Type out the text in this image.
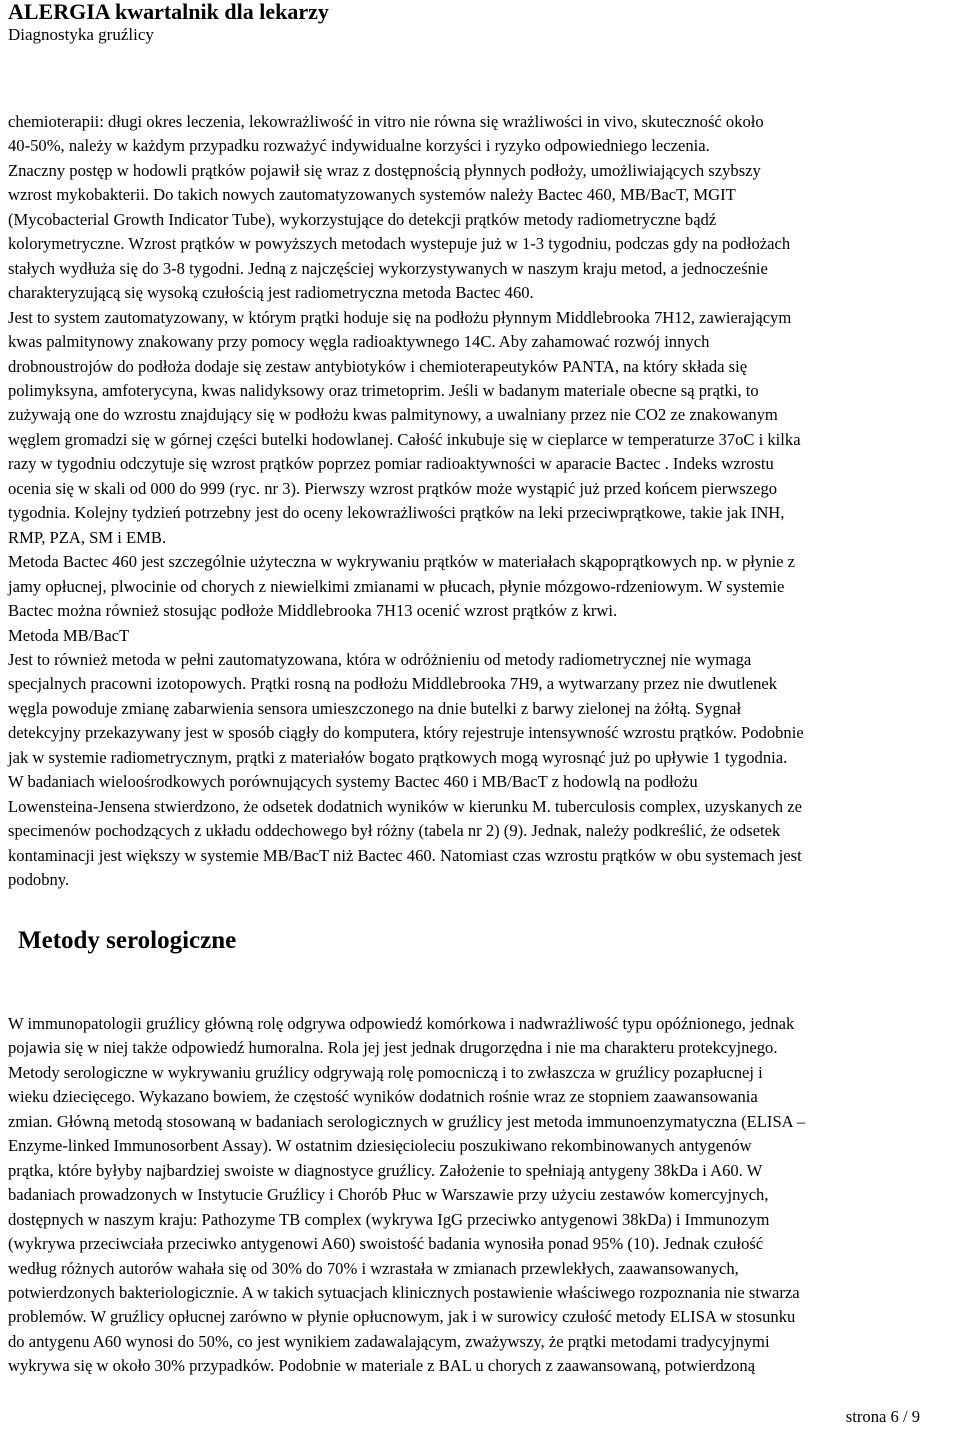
ALERGIA kwartalnik dla lekarzy

Diagnostyka gruźlicy

chemioterapii: długi okres leczenia, lekowrażliwość in vitro nie równa się wrażliwości in vivo, skuteczność około
40-50%, należy w każdym przypadku rozważyć indywidualne korzyści i ryzyko odpowiedniego leczenia.
Znaczny postęp w hodowli prątków pojawił się wraz z dostępnością płynnych podłoży, umożliwiających szybszy
wzrost mykobakterii. Do takich nowych zautomatyzowanych systemów należy Bactec 460, MB/BacT, MGIT
(Mycobacterial Growth Indicator Tube), wykorzystujące do detekcji prątków metody radiometryczne bądź
kolorymetryczne. Wzrost prątków w powyższych metodach wystepuje już w 1-3 tygodniu, podczas gdy na podłożach
stałych wydłuża się do 3-8 tygodni. Jedną z najczęściej wykorzystywanych w naszym kraju metod, a jednocześnie
charakteryzującą się wysoką czułością jest radiometryczna metoda Bactec 460.
Jest to system zautomatyzowany, w którym prątki hoduje się na podłożu płynnym Middlebrooka 7H12, zawierającym
kwas palmitynowy znakowany przy pomocy węgla radioaktywnego 14C. Aby zahamować rozwój innych
drobnoustrojów do podłoża dodaje się zestaw antybiotyków i chemioterapeutyków PANTA, na który składa się
polimyksyna, amfoterycyna, kwas nalidyksowy oraz trimetoprim. Jeśli w badanym materiale obecne są prątki, to
zużywają one do wzrostu znajdujący się w podłożu kwas palmitynowy, a uwalniany przez nie CO2 ze znakowanym
węglem gromadzi się w górnej części butelki hodowlanej. Całość inkubuje się w cieplarce w temperaturze 37oC i kilka
razy w tygodniu odczytuje się wzrost prątków poprzez pomiar radioaktywności w aparacie Bactec . Indeks wzrostu
ocenia się w skali od 000 do 999 (ryc. nr 3). Pierwszy wzrost prątków może wystąpić już przed końcem pierwszego
tygodnia. Kolejny tydzień potrzebny jest do oceny lekowrażliwości prątków na leki przeciwprątkowe, takie jak INH,
RMP, PZA, SM i EMB.
Metoda Bactec 460 jest szczególnie użyteczna w wykrywaniu prątków w materiałach skąpoprątkowych np. w płynie z
jamy opłucnej, plwocinie od chorych z niewielkimi zmianami w płucach, płynie mózgowo-rdzeniowym. W systemie
Bactec można również stosując podłoże Middlebrooka 7H13 ocenić wzrost prątków z krwi.
Metoda MB/BacT
Jest to również metoda w pełni zautomatyzowana, która w odróżnieniu od metody radiometrycznej nie wymaga
specjalnych pracowni izotopowych. Prątki rosną na podłożu Middlebrooka 7H9, a wytwarzany przez nie dwutlenek
węgla powoduje zmianę zabarwienia sensora umieszczonego na dnie butelki z barwy zielonej na żółtą. Sygnał
detekcyjny przekazywany jest w sposób ciągły do komputera, który rejestruje intensywność wzrostu prątków. Podobnie
jak w systemie radiometrycznym, prątki z materiałów bogato prątkowych mogą wyrosnąć już po upływie 1 tygodnia.
W badaniach wieloośrodkowych porównujących systemy Bactec 460 i MB/BacT z hodowlą na podłożu
Lowensteina-Jensena stwierdzono, że odsetek dodatnich wyników w kierunku M. tuberculosis complex, uzyskanych ze
specimenów pochodzących z układu oddechowego był różny (tabela nr 2) (9). Jednak, należy podkreślić, że odsetek
kontaminacji jest większy w systemie MB/BacT niż Bactec 460. Natomiast czas wzrostu prątków w obu systemach jest
podobny.

Metody serologiczne

W immunopatologii gruźlicy główną rolę odgrywa odpowiedź komórkowa i nadwrażliwość typu opóźnionego, jednak
pojawia się w niej także odpowiedź humoralna. Rola jej jest jednak drugorzędna i nie ma charakteru protekcyjnego.
Metody serologiczne w wykrywaniu gruźlicy odgrywają rolę pomocniczą i to zwłaszcza w gruźlicy pozapłucnej i
wieku dziecięcego. Wykazano bowiem, że częstość wyników dodatnich rośnie wraz ze stopniem zaawansowania
zmian. Główną metodą stosowaną w badaniach serologicznych w gruźlicy jest metoda immunoenzymatyczna (ELISA –
Enzyme-linked Immunosorbent Assay). W ostatnim dziesięcioleciu poszukiwano rekombinowanych antygenów
prątka, które byłyby najbardziej swoiste w diagnostyce gruźlicy. Założenie to spełniają antygeny 38kDa i A60. W
badaniach prowadzonych w Instytucie Gruźlicy i Chorób Płuc w Warszawie przy użyciu zestawów komercyjnych,
dostępnych w naszym kraju: Pathozyme TB complex (wykrywa IgG przeciwko antygenowi 38kDa) i Immunozym
(wykrywa przeciwciała przeciwko antygenowi A60) swoistość badania wynosiła ponad 95% (10). Jednak czułość
według różnych autorów wahała się od 30% do 70% i wzrastała w zmianach przewlekłych, zaawansowanych,
potwierdzonych bakteriologicznie. A w takich sytuacjach klinicznych postawienie właściwego rozpoznania nie stwarza
problemów. W gruźlicy opłucnej zarówno w płynie opłucnowym, jak i w surowicy czułość metody ELISA w stosunku
do antygenu A60 wynosi do 50%, co jest wynikiem zadawalającym, zważywszy, że prątki metodami tradycyjnymi
wykrywa się w około 30% przypadków. Podobnie w materiale z BAL u chorych z zaawansowaną, potwierdzoną

strona 6 / 9
